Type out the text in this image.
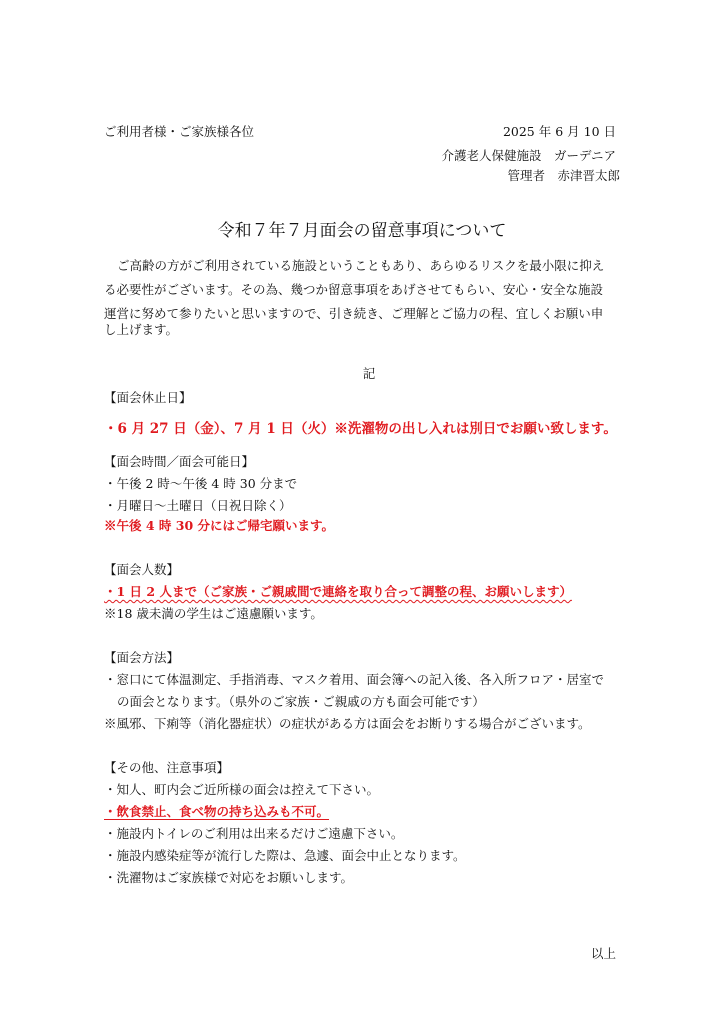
ご利用者様・ご家族様各位	2025 年 6 月 10 日
介護老人保健施設　ガーデニア
管理者　赤津晋太郎
令和７年７月面会の留意事項について
ご高齢の方がご利用されている施設ということもあり、あらゆるリスクを最小限に抑え
る必要性がございます。その為、幾つか留意事項をあげさせてもらい、安心・安全な施設
運営に努めて参りたいと思いますので、引き続き、ご理解とご協力の程、宜しくお願い申
し上げます。
記
【面会休止日】
・6 月 27 日（金）、7 月 1 日（火）※洗濯物の出し入れは別日でお願い致します。
【面会時間／面会可能日】
・午後 2 時〜午後 4 時 30 分まで
・月曜日〜土曜日（日祝日除く）
※午後 4 時 30 分にはご帰宅願います。
【面会人数】
・1 日 2 人まで（ご家族・ご親戚間で連絡を取り合って調整の程、お願いします）
※18 歳未満の学生はご遠慮願います。
【面会方法】
・窓口にて体温測定、手指消毒、マスク着用、面会簿への記入後、各入所フロア・居室で
の面会となります。（県外のご家族・ご親戚の方も面会可能です）
※風邪、下痢等（消化器症状）の症状がある方は面会をお断りする場合がございます。
【その他、注意事項】
・知人、町内会ご近所様の面会は控えて下さい。
・飲食禁止、食べ物の持ち込みも不可。
・施設内トイレのご利用は出来るだけご遠慮下さい。
・施設内感染症等が流行した際は、急遽、面会中止となります。
・洗濯物はご家族様で対応をお願いします。
以上
